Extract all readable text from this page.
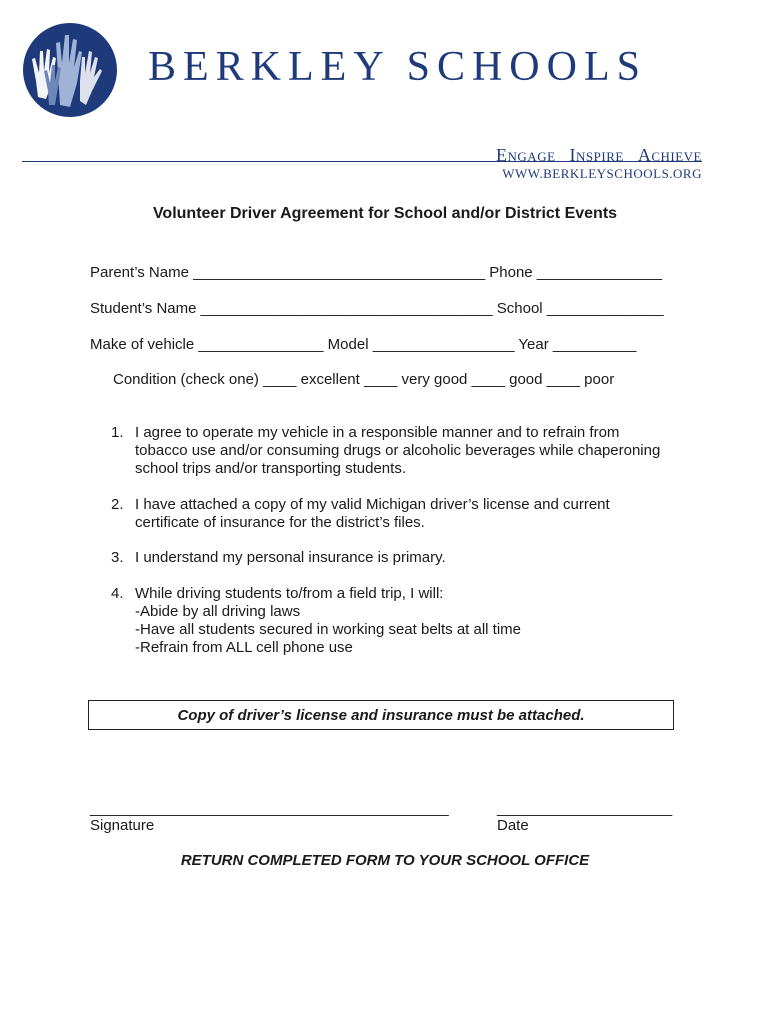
BERKLEY SCHOOLS
Engage Inspire Achieve
WWW.BERKLEYSCHOOLS.ORG
Volunteer Driver Agreement for School and/or District Events
Parent’s Name ___________________________________ Phone _______________
Student’s Name ___________________________________ School ______________
Make of vehicle _______________ Model _________________ Year __________
Condition (check one) ____ excellent ____ very good ____ good ____ poor
1. I agree to operate my vehicle in a responsible manner and to refrain from
tobacco use and/or consuming drugs or alcoholic beverages while chaperoning
school trips and/or transporting students.
2. I have attached a copy of my valid Michigan driver’s license and current
certificate of insurance for the district’s files.
3. I understand my personal insurance is primary.
4. While driving students to/from a field trip, I will:
-Abide by all driving laws
-Have all students secured in working seat belts at all time
-Refrain from ALL cell phone use
Copy of driver’s license and insurance must be attached.
___________________________________________
Signature
_____________________
Date
RETURN COMPLETED FORM TO YOUR SCHOOL OFFICE
